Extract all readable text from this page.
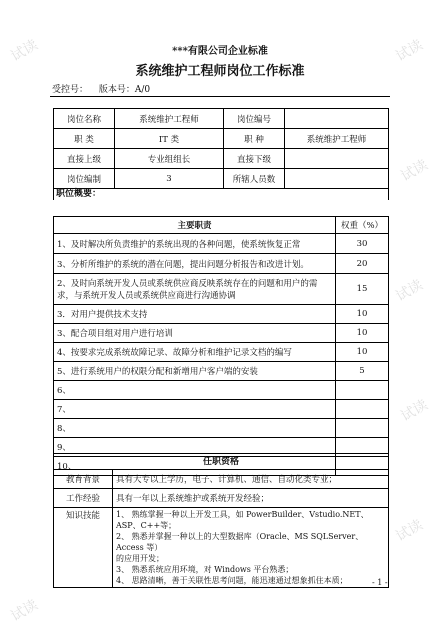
试读	试读
试读
试读
试读
试读
试读
***有限公司企业标准
系统维护工程师岗位工作标准
受控号： 版本号：A/0
岗位名称	系统维护工程师	岗位编号	
职 类	IT 类	职 种	系统维护工程师
直接上级	专业组组长	直接下级	
岗位编制	3	所辖人员数	
职位概要：
主要职责	权重（%）
1、及时解决所负责维护的系统出现的各种问题，使系统恢复正常	30
3、分析所维护的系统的潜在问题，提出问题分析报告和改进计划。	20
2、及时向系统开发人员或系统供应商反映系统存在的问题和用户的需求，与系统开发人员或系统供应商进行沟通协调	15
3．对用户提供技术支持	10
3、配合项目组对用户进行培训	10
4、按要求完成系统故障记录、故障分析和维护记录文档的编写	10
5、进行系统用户的权限分配和新增用户客户端的安装	5
6、	
7、	
8、	
9、	
10、		任职资格
教育背景	具有大专以上学历，电子、计算机、通信、自动化类专业；
工作经验	具有一年以上系统维护或系统开发经验；
知识技能	1、 熟练掌握一种以上开发工具，如 PowerBuilder、Vstudio.NET、ASP、C++等；
2、 熟悉并掌握一种以上的大型数据库（Oracle、MS SQLServer、Access 等）
的应用开发；
3、 熟悉系统应用环境，对 Windows 平台熟悉；
4、 思路清晰，善于关联性思考问题，能迅速通过想象抓住本质；	- 1 -
